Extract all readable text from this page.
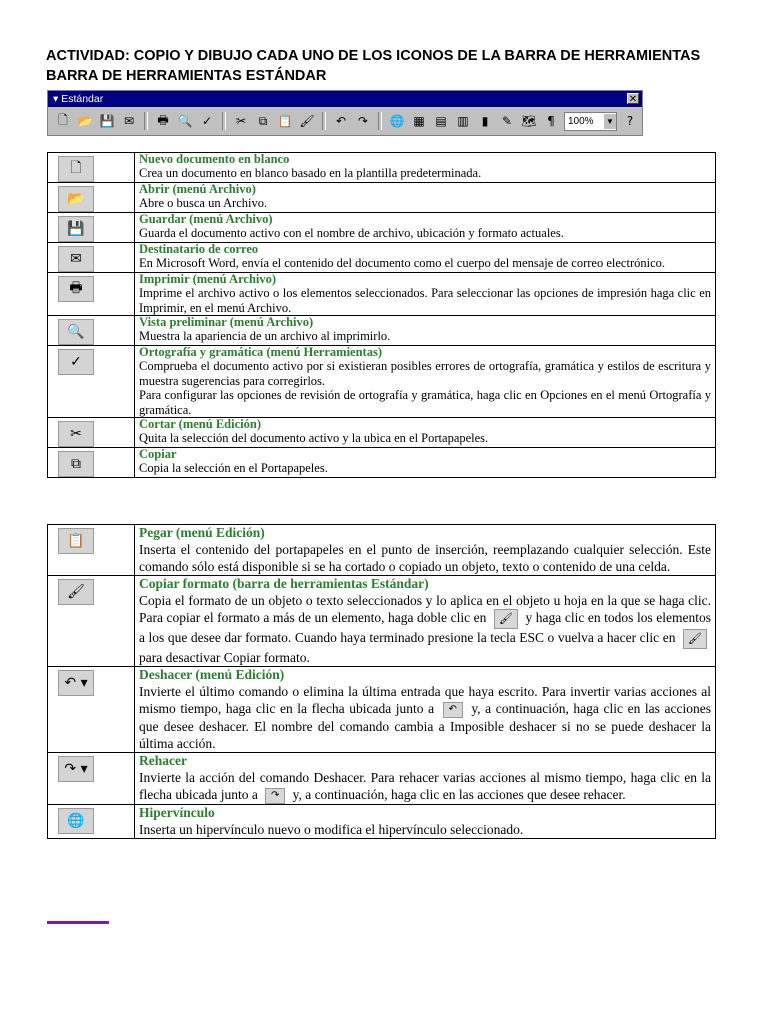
ACTIVIDAD: COPIO Y DIBUJO CADA UNO DE LOS ICONOS DE LA BARRA DE HERRAMIENTAS BARRA DE HERRAMIENTAS ESTÁNDAR
▾ Estándar	✕
🗋 📂 💾 ✉	🖶 🔍 ✓	✂	⧉ 📋 🖌	↶ ↷	🌐 ▦ ▤ ▥	▮	✎ 🗺 ¶	100% ▼	?
🗋	Nuevo documento en blanco
Crea un documento en blanco basado en la plantilla predeterminada.

📂	Abrir (menú Archivo)
Abre o busca un Archivo.

💾	Guardar (menú Archivo)
Guarda el documento activo con el nombre de archivo, ubicación y formato actuales.

✉	Destinatario de correo
En Microsoft Word, envía el contenido del documento como el cuerpo del mensaje de correo electrónico.

🖶	Imprimir (menú Archivo)
Imprime el archivo activo o los elementos seleccionados. Para seleccionar las opciones de impresión haga clic en Imprimir, en el menú Archivo.

🔍	Vista preliminar (menú Archivo)
Muestra la apariencia de un archivo al imprimirlo.

✓	Ortografía y gramática (menú Herramientas)
Comprueba el documento activo por si existieran posibles errores de ortografía, gramática y estilos de escritura y muestra sugerencias para corregirlos.
Para configurar las opciones de revisión de ortografía y gramática, haga clic en Opciones en el menú Ortografía y gramática.

✂	Cortar (menú Edición)
Quita la selección del documento activo y la ubica en el Portapapeles.

⧉	Copiar
Copia la selección en el Portapapeles.
📋	Pegar (menú Edición)
Inserta el contenido del portapapeles en el punto de inserción, reemplazando cualquier selección. Este comando sólo está disponible si se ha cortado o copiado un objeto, texto o contenido de una celda.

🖌	Copiar formato (barra de herramientas Estándar)
Copia el formato de un objeto o texto seleccionados y lo aplica en el objeto u hoja en la que se haga clic. Para copiar el formato a más de un elemento, haga doble clic en 🖌 y haga clic en todos los elementos a los que desee dar formato. Cuando haya terminado presione la tecla ESC o vuelva a hacer clic en 🖌 para desactivar Copiar formato.

↶ ▾	Deshacer (menú Edición)
Invierte el último comando o elimina la última entrada que haya escrito. Para invertir varias acciones al mismo tiempo, haga clic en la flecha ubicada junto a ↶ y, a continuación, haga clic en las acciones que desee deshacer. El nombre del comando cambia a Imposible deshacer si no se puede deshacer la última acción.

↷ ▾	Rehacer
Invierte la acción del comando Deshacer. Para rehacer varias acciones al mismo tiempo, haga clic en la flecha ubicada junto a ↷ y, a continuación, haga clic en las acciones que desee rehacer.

🌐	Hipervínculo
Inserta un hipervínculo nuevo o modifica el hipervínculo seleccionado.
